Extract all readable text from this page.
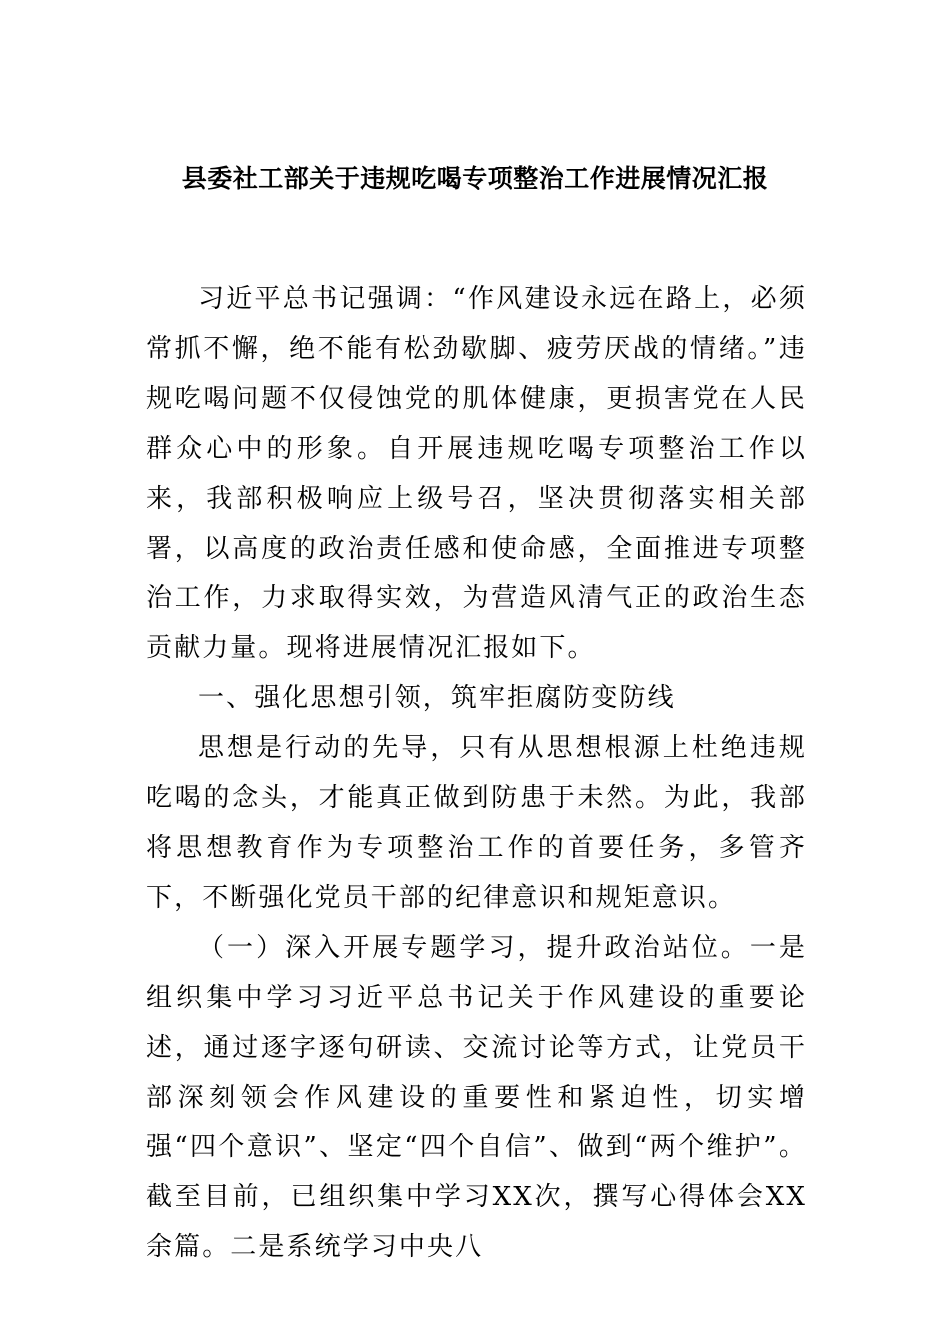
县委社工部关于违规吃喝专项整治工作进展情况汇报

习近平总书记强调：“作风建设永远在路上，必须常抓不懈，绝不能有松劲歇脚、疲劳厌战的情绪。”违规吃喝问题不仅侵蚀党的肌体健康，更损害党在人民群众心中的形象。自开展违规吃喝专项整治工作以来，我部积极响应上级号召，坚决贯彻落实相关部署，以高度的政治责任感和使命感，全面推进专项整治工作，力求取得实效，为营造风清气正的政治生态贡献力量。现将进展情况汇报如下。

一、强化思想引领，筑牢拒腐防变防线

思想是行动的先导，只有从思想根源上杜绝违规吃喝的念头，才能真正做到防患于未然。为此，我部将思想教育作为专项整治工作的首要任务，多管齐下，不断强化党员干部的纪律意识和规矩意识。

（一）深入开展专题学习，提升政治站位。一是组织集中学习习近平总书记关于作风建设的重要论述，通过逐字逐句研读、交流讨论等方式，让党员干部深刻领会作风建设的重要性和紧迫性，切实增强“四个意识”、坚定“四个自信”、做到“两个维护”。截至目前，已组织集中学习XX次，撰写心得体会XX余篇。二是系统学习中央八
